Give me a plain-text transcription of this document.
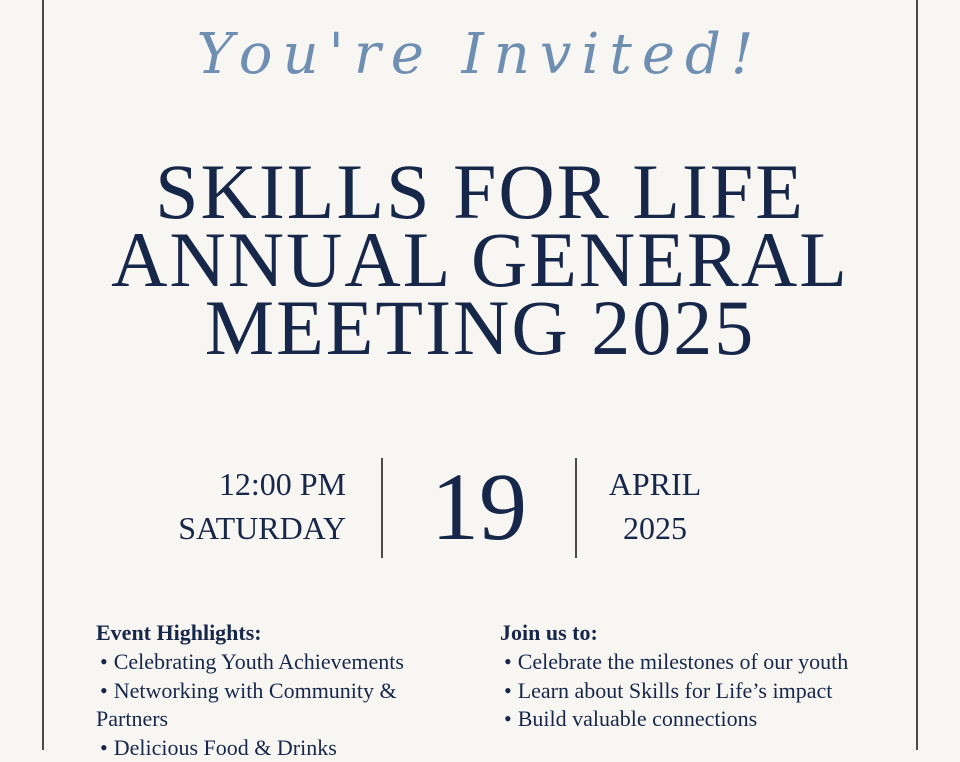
You're Invited!
SKILLS FOR LIFE
ANNUAL GENERAL
MEETING 2025
12:00 PM
SATURDAY 19	APRIL
2025
Event Highlights:
• Celebrating Youth Achievements
• Networking with Community & Partners
• Delicious Food & Drinks
Join us to:
• Celebrate the milestones of our youth
• Learn about Skills for Life’s impact
• Build valuable connections
